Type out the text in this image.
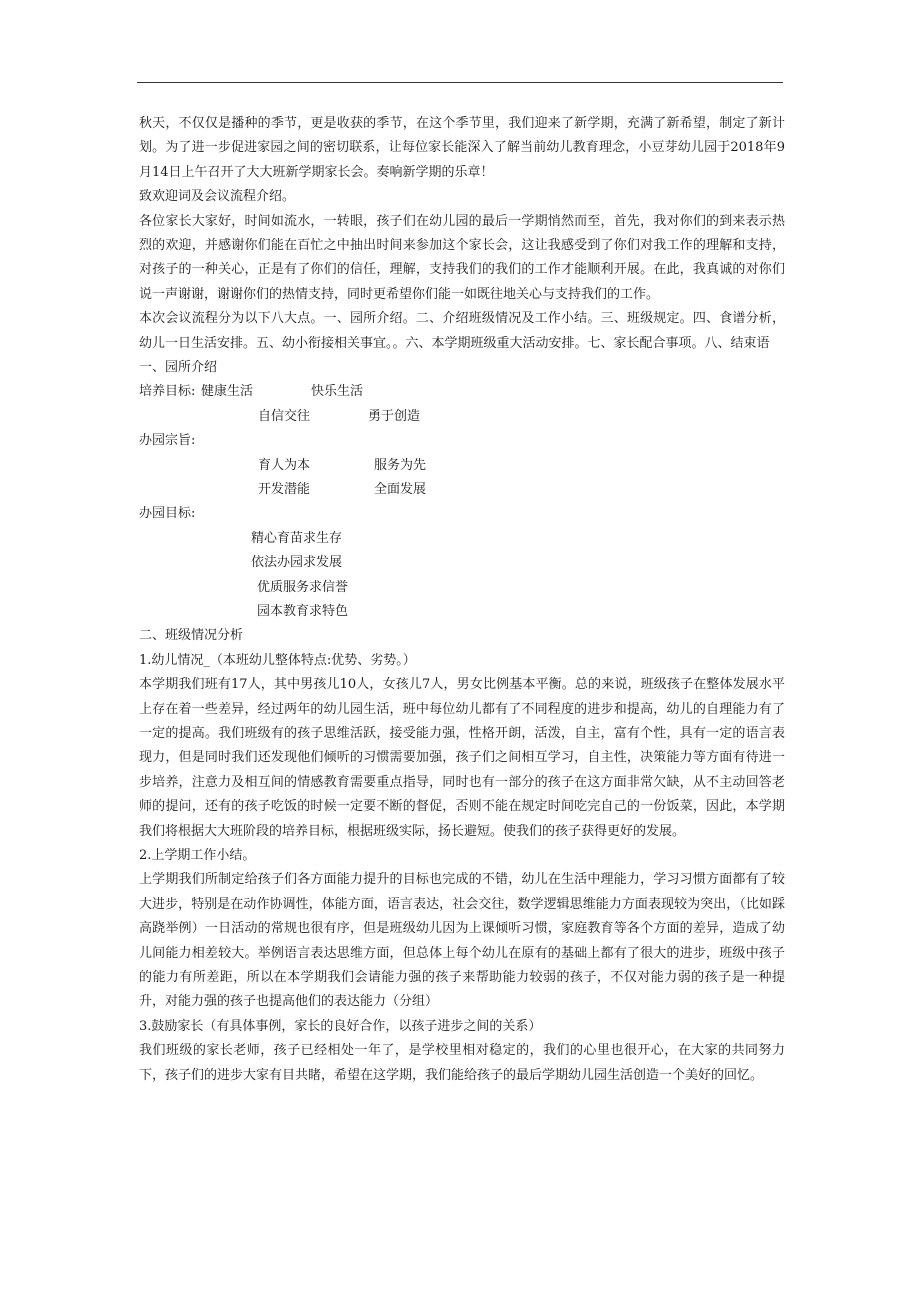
秋天，不仅仅是播种的季节，更是收获的季节，在这个季节里，我们迎来了新学期，充满了新希望，制定了新计划。为了进一步促进家园之间的密切联系，让每位家长能深入了解当前幼儿教育理念，小豆芽幼儿园于2018年9月14日上午召开了大大班新学期家长会。奏响新学期的乐章！

致欢迎词及会议流程介绍。

各位家长大家好，时间如流水，一转眼，孩子们在幼儿园的最后一学期悄然而至，首先，我对你们的到来表示热烈的欢迎，并感谢你们能在百忙之中抽出时间来参加这个家长会，这让我感受到了你们对我工作的理解和支持，对孩子的一种关心，正是有了你们的信任，理解，支持我们的我们的工作才能顺利开展。在此，我真诚的对你们说一声谢谢，谢谢你们的热情支持，同时更希望你们能一如既往地关心与支持我们的工作。

本次会议流程分为以下八大点。一、园所介绍。二、介绍班级情况及工作小结。三、班级规定。四、食谱分析，幼儿一日生活安排。五、幼小衔接相关事宜。。六、本学期班级重大活动安排。七、家长配合事项。八、结束语

一、园所介绍

培养目标: 健康生活	快乐生活
自信交往	勇于创造
办园宗旨:
育人为本	服务为先
开发潜能	全面发展
办园目标:
精心育苗求生存
依法办园求发展
优质服务求信誉
园本教育求特色

二、班级情况分析

1.幼儿情况_（本班幼儿整体特点:优势、劣势。）

本学期我们班有17人，其中男孩儿10人，女孩儿7人，男女比例基本平衡。总的来说，班级孩子在整体发展水平上存在着一些差异，经过两年的幼儿园生活，班中每位幼儿都有了不同程度的进步和提高，幼儿的自理能力有了一定的提高。我们班级有的孩子思维活跃，接受能力强，性格开朗，活泼，自主，富有个性，具有一定的语言表现力，但是同时我们还发现他们倾听的习惯需要加强，孩子们之间相互学习，自主性，决策能力等方面有待进一步培养，注意力及相互间的情感教育需要重点指导，同时也有一部分的孩子在这方面非常欠缺，从不主动回答老师的提问，还有的孩子吃饭的时候一定要不断的督促，否则不能在规定时间吃完自己的一份饭菜，因此，本学期我们将根据大大班阶段的培养目标，根据班级实际，扬长避短。使我们的孩子获得更好的发展。

2.上学期工作小结。

上学期我们所制定给孩子们各方面能力提升的目标也完成的不错，幼儿在生活中理能力，学习习惯方面都有了较大进步，特别是在动作协调性，体能方面，语言表达，社会交往，数学逻辑思维能力方面表现较为突出，（比如踩高跷举例）一日活动的常规也很有序，但是班级幼儿因为上课倾听习惯，家庭教育等各个方面的差异，造成了幼儿间能力相差较大。举例语言表达思维方面，但总体上每个幼儿在原有的基础上都有了很大的进步，班级中孩子的能力有所差距，所以在本学期我们会请能力强的孩子来帮助能力较弱的孩子，不仅对能力弱的孩子是一种提升，对能力强的孩子也提高他们的表达能力（分组）

3.鼓励家长（有具体事例，家长的良好合作，以孩子进步之间的关系）

我们班级的家长老师，孩子已经相处一年了，是学校里相对稳定的，我们的心里也很开心，在大家的共同努力下，孩子们的进步大家有目共睹，希望在这学期，我们能给孩子的最后学期幼儿园生活创造一个美好的回忆。
